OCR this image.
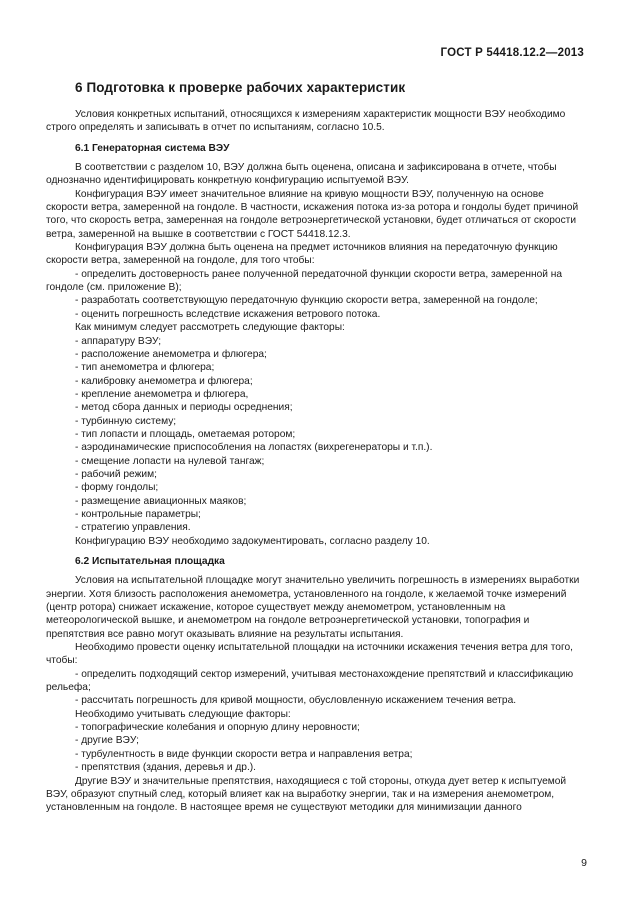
ГОСТ Р 54418.12.2—2013
6 Подготовка к проверке рабочих характеристик

Условия конкретных испытаний, относящихся к измерениям характеристик мощности ВЭУ необходимо строго определять и записывать в отчет по испытаниям, согласно 10.5.

6.1 Генераторная система ВЭУ

В соответствии с разделом 10, ВЭУ должна быть оценена, описана и зафиксирована в отчете, чтобы однозначно идентифицировать конкретную конфигурацию испытуемой ВЭУ.

Конфигурация ВЭУ имеет значительное влияние на кривую мощности ВЭУ, полученную на основе скорости ветра, замеренной на гондоле. В частности, искажения потока из-за ротора и гондолы будет причиной того, что скорость ветра, замеренная на гондоле ветроэнергетической установки, будет отличаться от скорости ветра, замеренной на вышке в соответствии с ГОСТ 54418.12.3.

Конфигурация ВЭУ должна быть оценена на предмет источников влияния на передаточную функцию скорости ветра, замеренной на гондоле, для того чтобы:

- определить достоверность ранее полученной передаточной функции скорости ветра, замеренной на гондоле (см. приложение В);

- разработать соответствующую передаточную функцию скорости ветра, замеренной на гондоле;

- оценить погрешность вследствие искажения ветрового потока.

Как минимум следует рассмотреть следующие факторы:

- аппаратуру ВЭУ;

- расположение анемометра и флюгера;

- тип анемометра и флюгера;

- калибровку анемометра и флюгера;

- крепление анемометра и флюгера,

- метод сбора данных и периоды осреднения;

- турбинную систему;

- тип лопасти и площадь, ометаемая ротором;

- аэродинамические приспособления на лопастях (вихрегенераторы и т.п.).

- смещение лопасти на нулевой тангаж;

- рабочий режим;

- форму гондолы;

- размещение авиационных маяков;

- контрольные параметры;

- стратегию управления.

Конфигурацию ВЭУ необходимо задокументировать, согласно разделу 10.

6.2 Испытательная площадка

Условия на испытательной площадке могут значительно увеличить погрешность в измерениях выработки энергии. Хотя близость расположения анемометра, установленного на гондоле, к желаемой точке измерений (центр ротора) снижает искажение, которое существует между анемометром, установленным на метеорологической вышке, и анемометром на гондоле ветроэнергетической установки, топография и препятствия все равно могут оказывать влияние на результаты испытания.

Необходимо провести оценку испытательной площадки на источники искажения течения ветра для того, чтобы:

- определить подходящий сектор измерений, учитывая местонахождение препятствий и классификацию рельефа;

- рассчитать погрешность для кривой мощности, обусловленную искажением течения ветра.

Необходимо учитывать следующие факторы:

- топографические колебания и опорную длину неровности;

- другие ВЭУ;

- турбулентность в виде функции скорости ветра и направления ветра;

- препятствия (здания, деревья и др.).

Другие ВЭУ и значительные препятствия, находящиеся с той стороны, откуда дует ветер к испытуемой ВЭУ, образуют спутный след, который влияет как на выработку энергии, так и на измерения анемометром, установленным на гондоле. В настоящее время не существуют методики для минимизации данного

9
